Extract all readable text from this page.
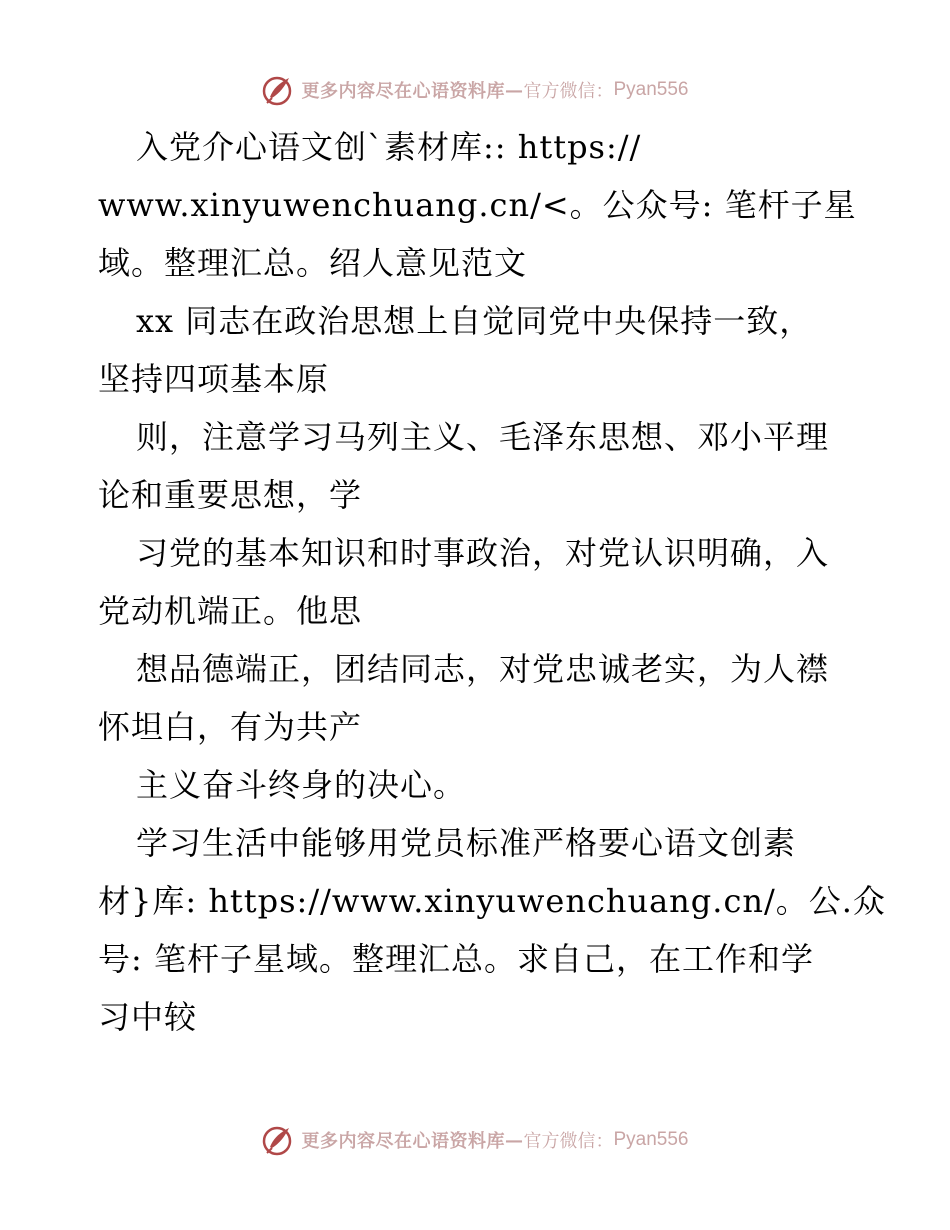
更多内容尽在心语资料库 — 官方微信： Pyan556
入党介心语文创`素材库:: https://
www.xinyuwenchuang.cn/<。公众号: 笔杆子星
域。整理汇总。绍人意见范文
xx 同志在政治思想上自觉同党中央保持一致，
坚持四项基本原
则，注意学习马列主义、毛泽东思想、邓小平理
论和重要思想，学
习党的基本知识和时事政治，对党认识明确，入
党动机端正。他思
想品德端正，团结同志，对党忠诚老实，为人襟
怀坦白，有为共产
主义奋斗终身的决心。
学习生活中能够用党员标准严格要心语文创素
材}库: https://www.xinyuwenchuang.cn/。公.众
号: 笔杆子星域。整理汇总。求自己，在工作和学
习中较
更多内容尽在心语资料库 — 官方微信： Pyan556
